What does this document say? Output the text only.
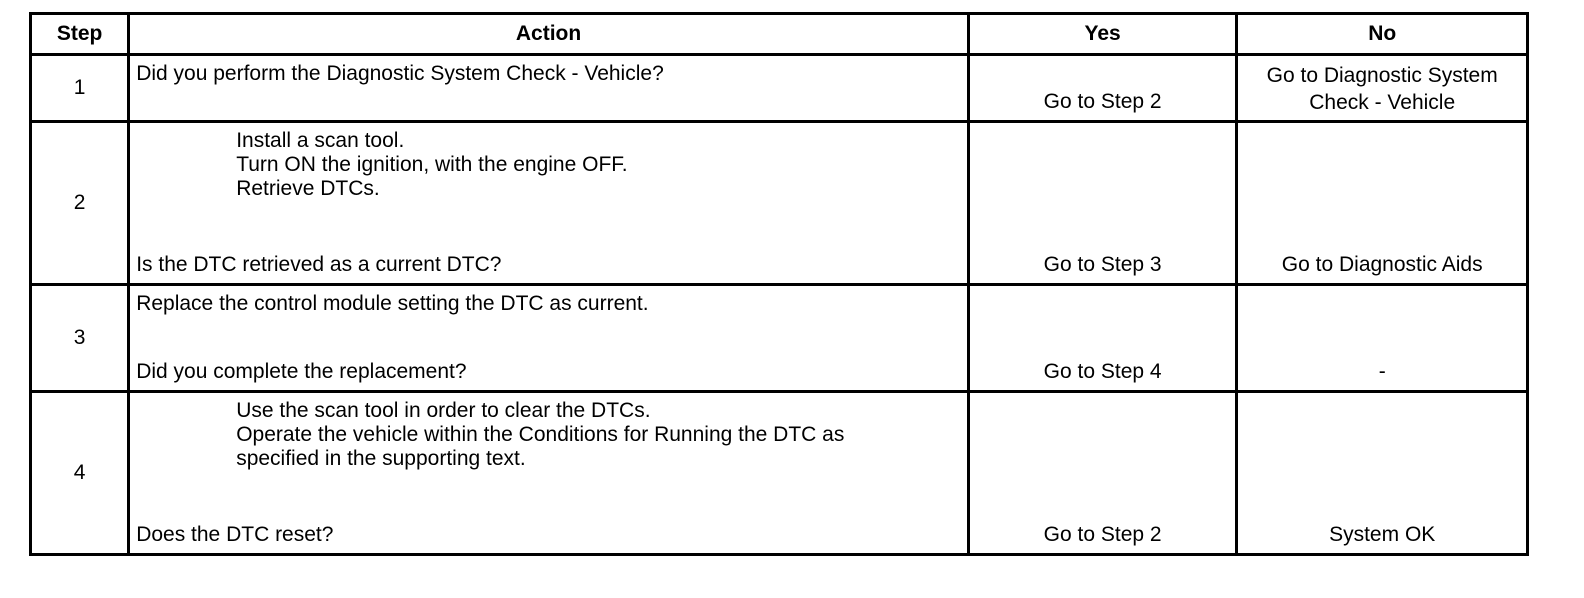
Step	Action	Yes	No
1	Did you perform the Diagnostic System Check - Vehicle?	Go to Step 2	Go to Diagnostic System
Check - Vehicle

2	Install a scan tool.
Turn ON the ignition, with the engine OFF.
Retrieve DTCs.
Is the DTC retrieved as a current DTC?	Go to Step 3	Go to Diagnostic Aids

3	Replace the control module setting the DTC as current.
Did you complete the replacement?	Go to Step 4	-

4	Use the scan tool in order to clear the DTCs.
Operate the vehicle within the Conditions for Running the DTC as
specified in the supporting text.
Does the DTC reset?	Go to Step 2	System OK
